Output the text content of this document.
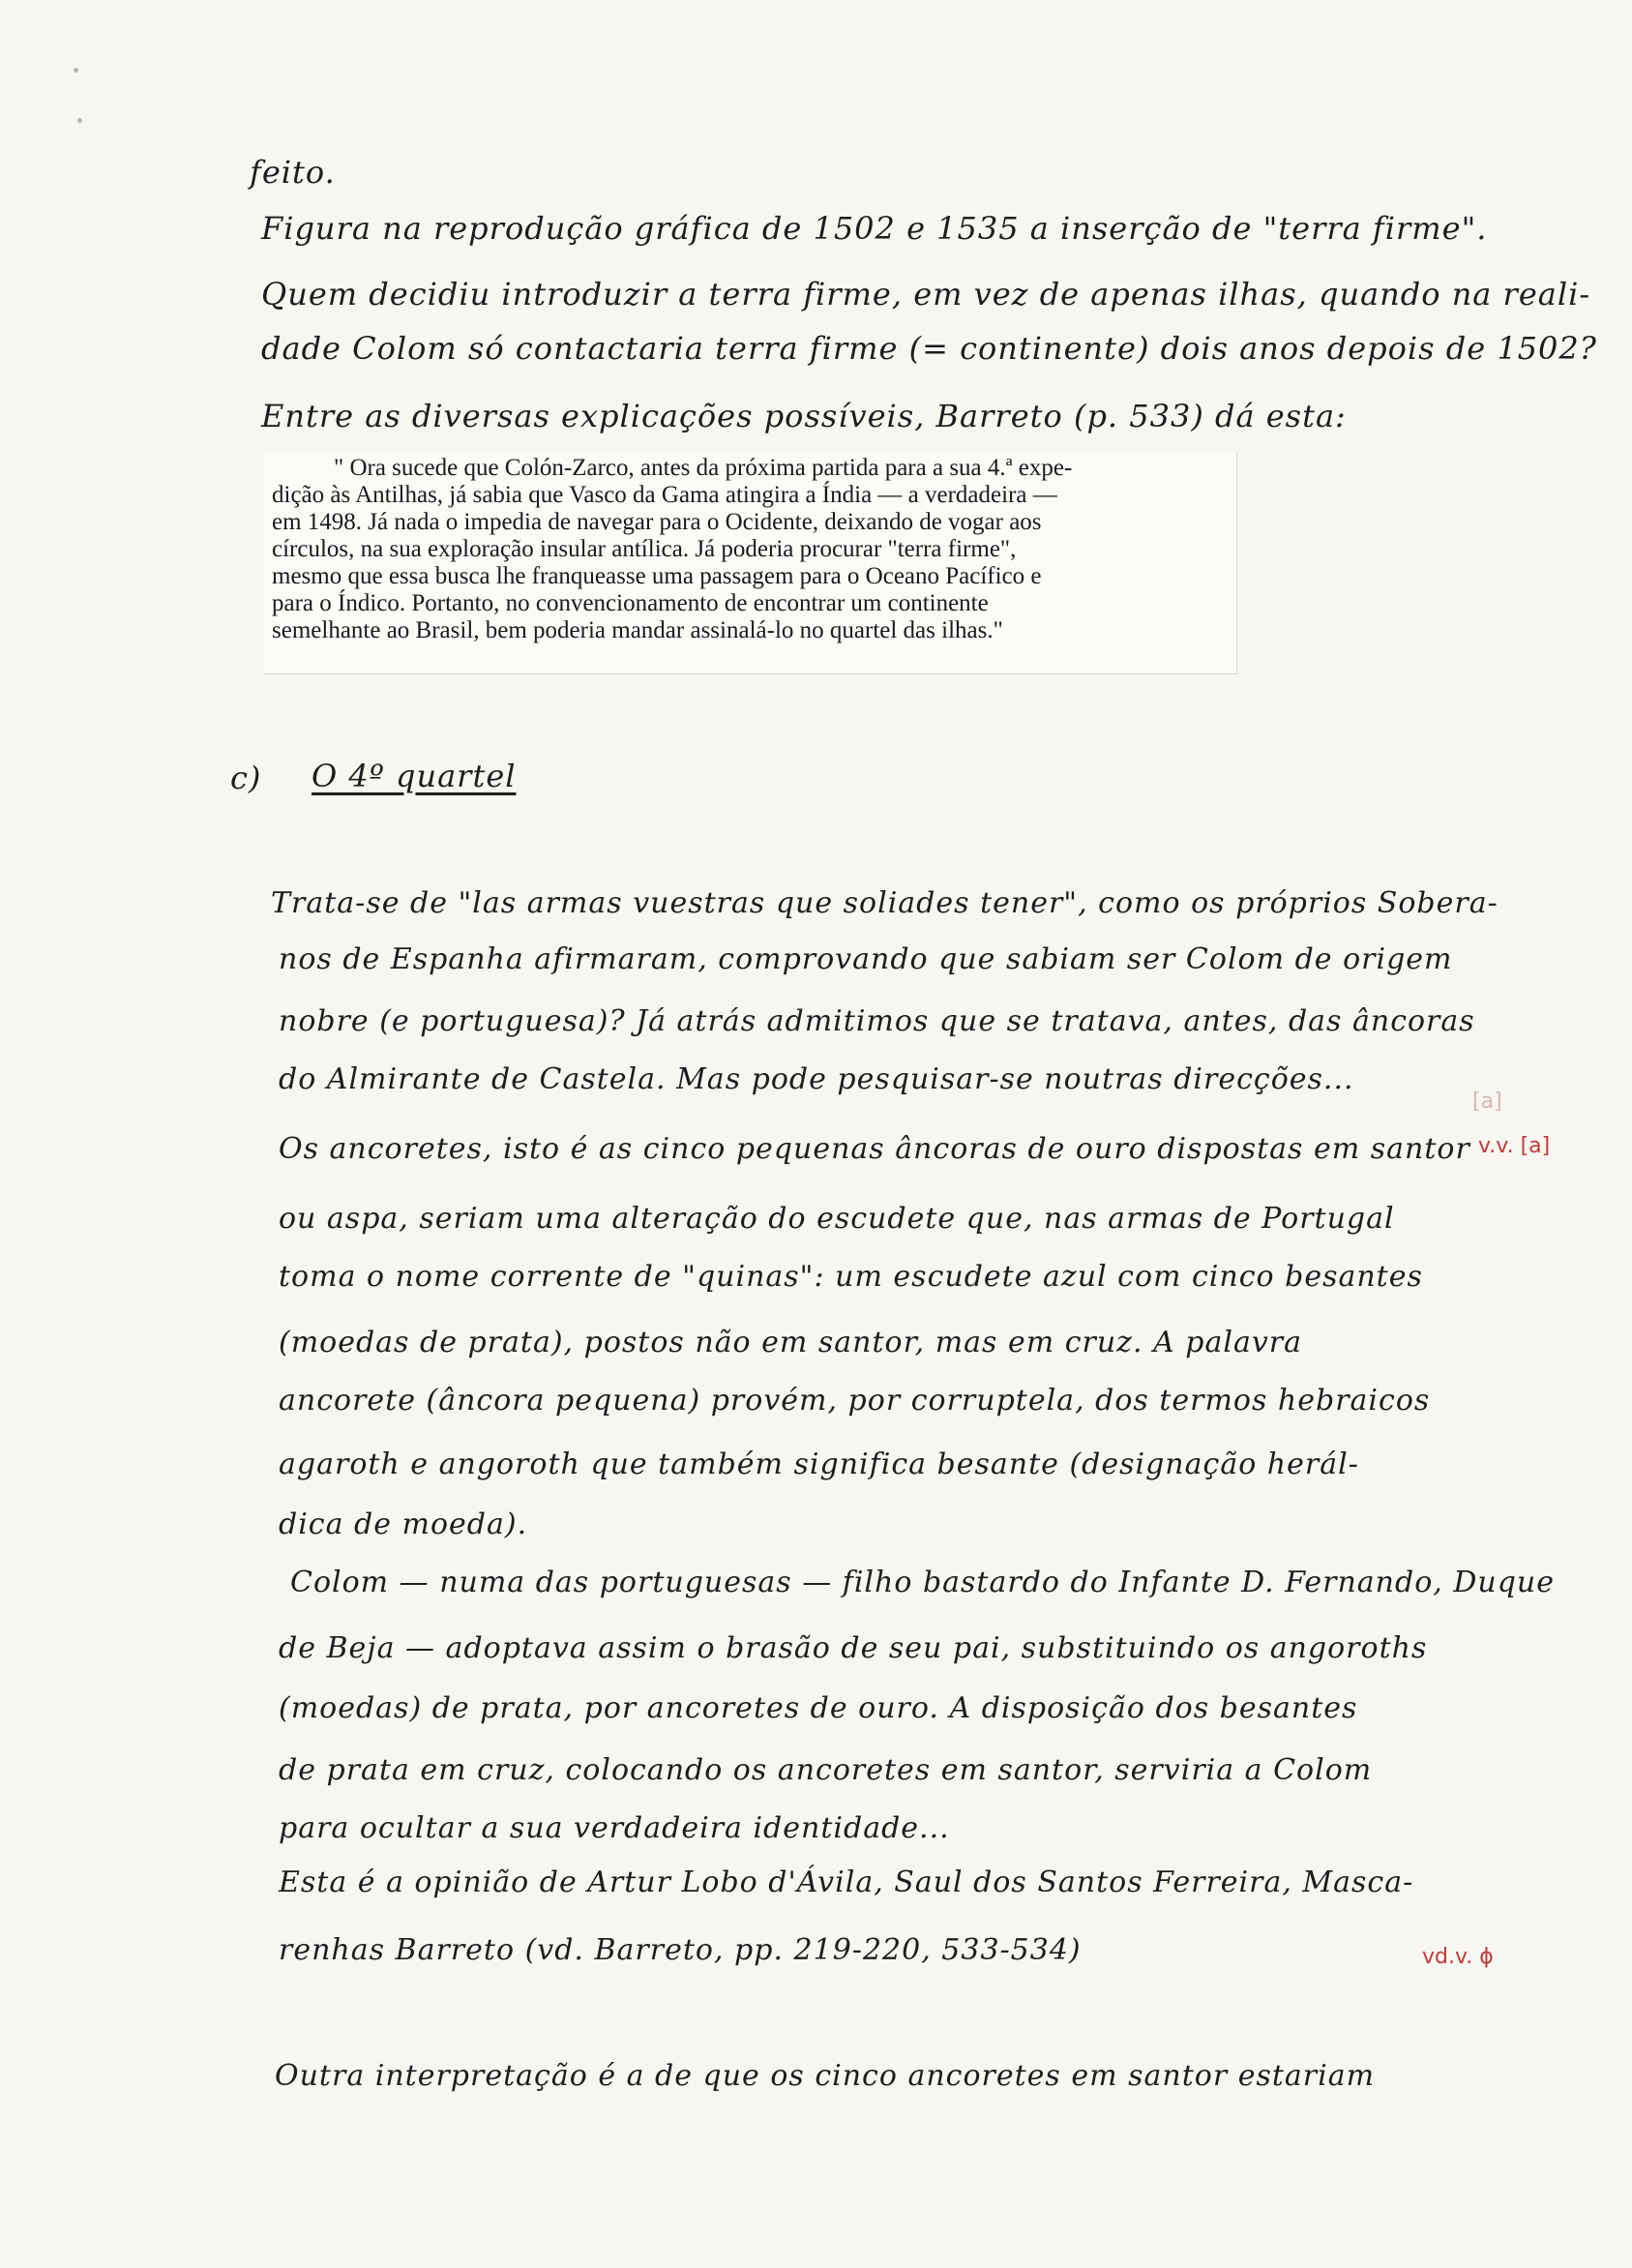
feito.
Figura na reprodução gráfica de 1502 e 1535 a inserção de "terra firme".
Quem decidiu introduzir a terra firme, em vez de apenas ilhas, quando na reali-
dade Colom só contactaria terra firme (= continente) dois anos depois de 1502?
Entre as diversas explicações possíveis, Barreto (p. 533) dá esta:
" Ora sucede que Colón-Zarco, antes da próxima partida para a sua 4.ª expe-
dição às Antilhas, já sabia que Vasco da Gama atingira a Índia — a verdadeira —
em 1498. Já nada o impedia de navegar para o Ocidente, deixando de vogar aos
círculos, na sua exploração insular antílica. Já poderia procurar "terra firme",
mesmo que essa busca lhe franqueasse uma passagem para o Oceano Pacífico e
para o Índico. Portanto, no convencionamento de encontrar um continente
semelhante ao Brasil, bem poderia mandar assinalá-lo no quartel das ilhas."
c) O 4º quartel
Trata-se de "las armas vuestras que soliades tener", como os próprios Sobera-
nos de Espanha afirmaram, comprovando que sabiam ser Colom de origem
nobre (e portuguesa)? Já atrás admitimos que se tratava, antes, das âncoras
do Almirante de Castela. Mas pode pesquisar-se noutras direcções...
Os ancoretes, isto é as cinco pequenas âncoras de ouro dispostas em santor
ou aspa, seriam uma alteração do escudete que, nas armas de Portugal
toma o nome corrente de "quinas": um escudete azul com cinco besantes
(moedas de prata), postos não em santor, mas em cruz. A palavra
ancorete (âncora pequena) provém, por corruptela, dos termos hebraicos
agaroth e angoroth que também significa besante (designação herál-
dica de moeda).
Colom — numa das portuguesas — filho bastardo do Infante D. Fernando, Duque
de Beja — adoptava assim o brasão de seu pai, substituindo os angoroths
(moedas) de prata, por ancoretes de ouro. A disposição dos besantes
de prata em cruz, colocando os ancoretes em santor, serviria a Colom
para ocultar a sua verdadeira identidade...
Esta é a opinião de Artur Lobo d'Ávila, Saul dos Santos Ferreira, Masca-
renhas Barreto (vd. Barreto, pp. 219-220, 533-534)
Outra interpretação é a de que os cinco ancoretes em santor estariam
[a]
v.v. [a]
vd.v. ϕ
